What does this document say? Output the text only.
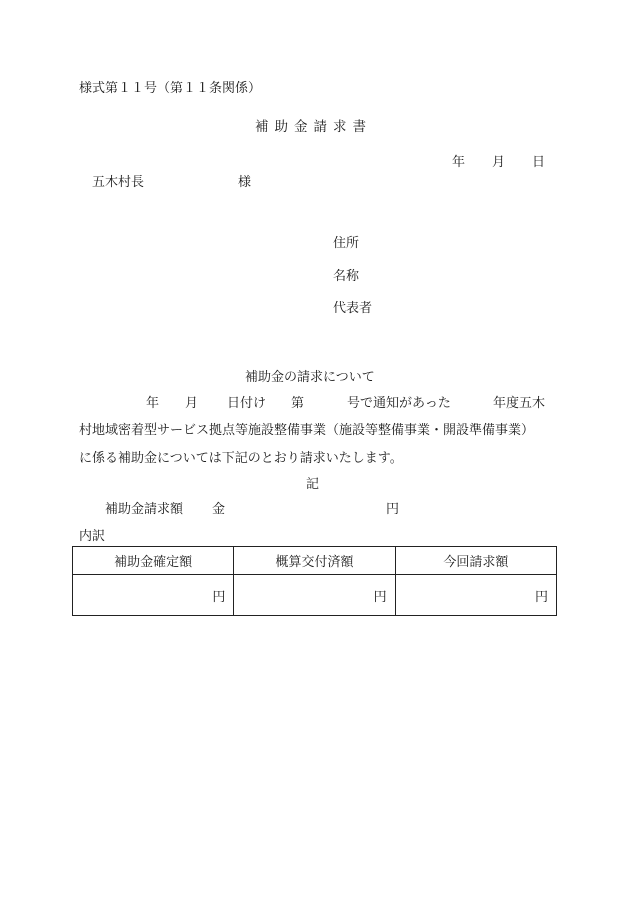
様式第１１号（第１１条関係）
補助金請求書
年 月 日
五木村長	様
住所
名称
代表者
補助金の請求について
年 月 日付け 第	号で通知があった	年度五木
村地域密着型サービス拠点等施設整備事業（施設等整備事業・開設準備事業）
に係る補助金については下記のとおり請求いたします。
記
補助金請求額 金	円
内訳
補助金確定額	概算交付済額	今回請求額
円	円	円
